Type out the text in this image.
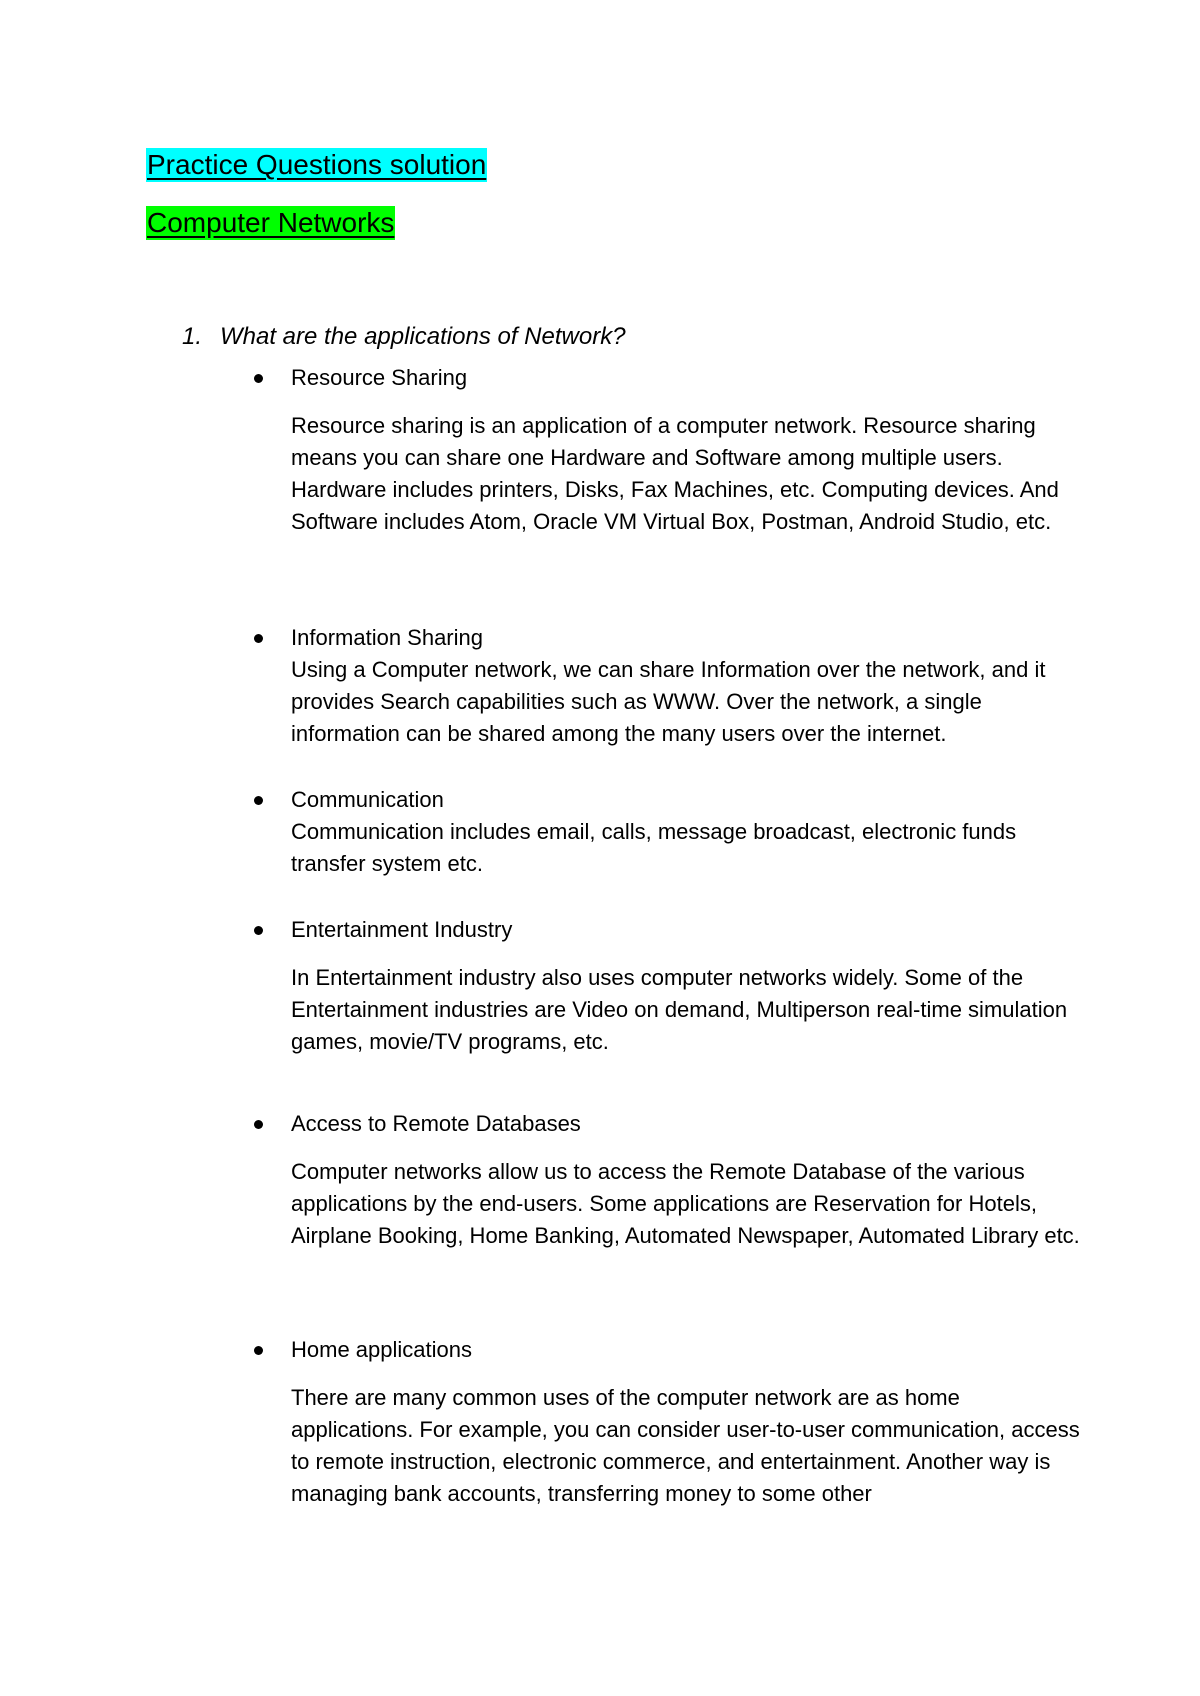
Practice Questions solution
Computer Networks
1. What are the applications of Network?
Resource Sharing

Resource sharing is an application of a computer network. Resource sharing means you can share one Hardware and Software among multiple users. Hardware includes printers, Disks, Fax Machines, etc. Computing devices. And Software includes Atom, Oracle VM Virtual Box, Postman, Android Studio, etc.

Information Sharing

Using a Computer network, we can share Information over the network, and it provides Search capabilities such as WWW. Over the network, a single information can be shared among the many users over the internet.

Communication

Communication includes email, calls, message broadcast, electronic funds transfer system etc.

Entertainment Industry

In Entertainment industry also uses computer networks widely. Some of the Entertainment industries are Video on demand, Multiperson real-time simulation games, movie/TV programs, etc.

Access to Remote Databases

Computer networks allow us to access the Remote Database of the various applications by the end-users. Some applications are Reservation for Hotels, Airplane Booking, Home Banking, Automated Newspaper, Automated Library etc.

Home applications

There are many common uses of the computer network are as home applications. For example, you can consider user-to-user communication, access to remote instruction, electronic commerce, and entertainment. Another way is managing bank accounts, transferring money to some other
